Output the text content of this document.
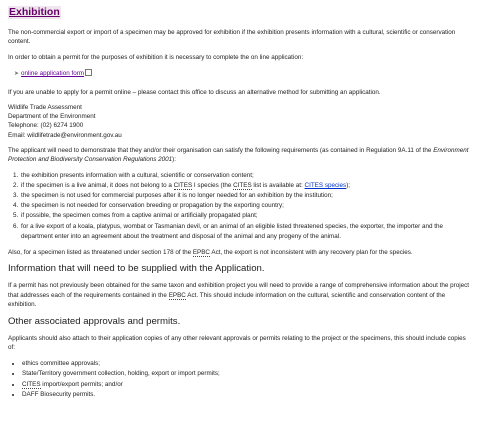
Exhibition

The non-commercial export or import of a specimen may be approved for exhibition if the exhibition presents information with a cultural, scientific or conservation content.

In order to obtain a permit for the purposes of exhibition it is necessary to complete the on line application:

➤ online application form

If you are unable to apply for a permit online – please contact this office to discuss an alternative method for submitting an application.

Wildlife Trade Assessment
Department of the Environment
Telephone: (02) 6274 1900
Email: wildlifetrade@environment.gov.au

The applicant will need to demonstrate that they and/or their organisation can satisfy the following requirements (as contained in Regulation 9A.11 of the Environment Protection and Biodiversity Conservation Regulations 2001):

1. the exhibition presents information with a cultural, scientific or conservation content;
2. if the specimen is a live animal, it does not belong to a CITES I species (the CITES list is available at: CITES species);
3. the specimen is not used for commercial purposes after it is no longer needed for an exhibition by the institution;
4. the specimen is not needed for conservation breeding or propagation by the exporting country;
5. if possible, the specimen comes from a captive animal or artificially propagated plant;
6. for a live export of a koala, platypus, wombat or Tasmanian devil, or an animal of an eligible listed threatened species, the exporter, the importer and the department enter into an agreement about the treatment and disposal of the animal and any progeny of the animal.

Also, for a specimen listed as threatened under section 178 of the EPBC Act, the export is not inconsistent with any recovery plan for the species.

Information that will need to be supplied with the Application.

If a permit has not previously been obtained for the same taxon and exhibition project you will need to provide a range of comprehensive information about the project that addresses each of the requirements contained in the EPBC Act. This should include information on the cultural, scientific and conservation content of the exhibition.

Other associated approvals and permits.

Applicants should also attach to their application copies of any other relevant approvals or permits relating to the project or the specimens, this should include copies of:

• ethics committee approvals;
• State/Territory government collection, holding, export or import permits;
• CITES import/export permits; and/or
• DAFF Biosecurity permits.
